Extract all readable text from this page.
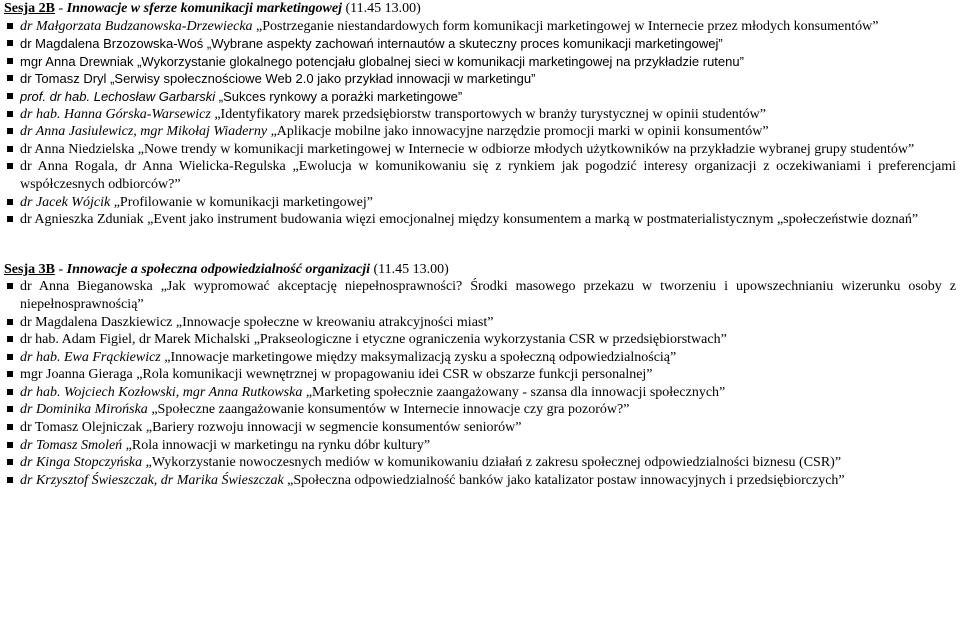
Sesja 2B - Innowacje w sferze komunikacji marketingowej (11.45 13.00)

dr Małgorzata Budzanowska-Drzewiecka „Postrzeganie niestandardowych form komunikacji marketingowej w Internecie przez młodych konsumentów”
dr Magdalena Brzozowska-Woś „Wybrane aspekty zachowań internautów a skuteczny proces komunikacji marketingowej”
mgr Anna Drewniak „Wykorzystanie glokalnego potencjału globalnej sieci w komunikacji marketingowej na przykładzie rutenu”
dr Tomasz Dryl „Serwisy społecznościowe Web 2.0 jako przykład innowacji w marketingu”
prof. dr hab. Lechosław Garbarski „Sukces rynkowy a porażki marketingowe”
dr hab. Hanna Górska-Warsewicz „Identyfikatory marek przedsiębiorstw transportowych w branży turystycznej w opinii studentów”
dr Anna Jasiulewicz, mgr Mikołaj Wiaderny „Aplikacje mobilne jako innowacyjne narzędzie promocji marki w opinii konsumentów”
dr Anna Niedzielska „Nowe trendy w komunikacji marketingowej w Internecie w odbiorze młodych użytkowników na przykładzie wybranej grupy studentów”
dr Anna Rogala, dr Anna Wielicka-Regulska „Ewolucja w komunikowaniu się z rynkiem jak pogodzić interesy organizacji z oczekiwaniami i preferencjami współczesnych odbiorców?”
dr Jacek Wójcik „Profilowanie w komunikacji marketingowej”
dr Agnieszka Zduniak „Event jako instrument budowania więzi emocjonalnej między konsumentem a marką w postmaterialistycznym „społeczeństwie doznań”

Sesja 3B - Innowacje a społeczna odpowiedzialność organizacji (11.45 13.00)

dr Anna Bieganowska „Jak wypromować akceptację niepełnosprawności? Środki masowego przekazu w tworzeniu i upowszechnianiu wizerunku osoby z niepełnosprawnością”
dr Magdalena Daszkiewicz „Innowacje społeczne w kreowaniu atrakcyjności miast”
dr hab. Adam Figiel, dr Marek Michalski „Prakseologiczne i etyczne ograniczenia wykorzystania CSR w przedsiębiorstwach”
dr hab. Ewa Frąckiewicz „Innowacje marketingowe między maksymalizacją zysku a społeczną odpowiedzialnością”
mgr Joanna Gieraga „Rola komunikacji wewnętrznej w propagowaniu idei CSR w obszarze funkcji personalnej”
dr hab. Wojciech Kozłowski, mgr Anna Rutkowska „Marketing społecznie zaangażowany - szansa dla innowacji społecznych”
dr Dominika Mirońska „Społeczne zaangażowanie konsumentów w Internecie innowacje czy gra pozorów?”
dr Tomasz Olejniczak „Bariery rozwoju innowacji w segmencie konsumentów seniorów”
dr Tomasz Smoleń „Rola innowacji w marketingu na rynku dóbr kultury”
dr Kinga Stopczyńska „Wykorzystanie nowoczesnych mediów w komunikowaniu działań z zakresu społecznej odpowiedzialności biznesu (CSR)”
dr Krzysztof Świeszczak, dr Marika Świeszczak „Społeczna odpowiedzialność banków jako katalizator postaw innowacyjnych i przedsiębiorczych”
